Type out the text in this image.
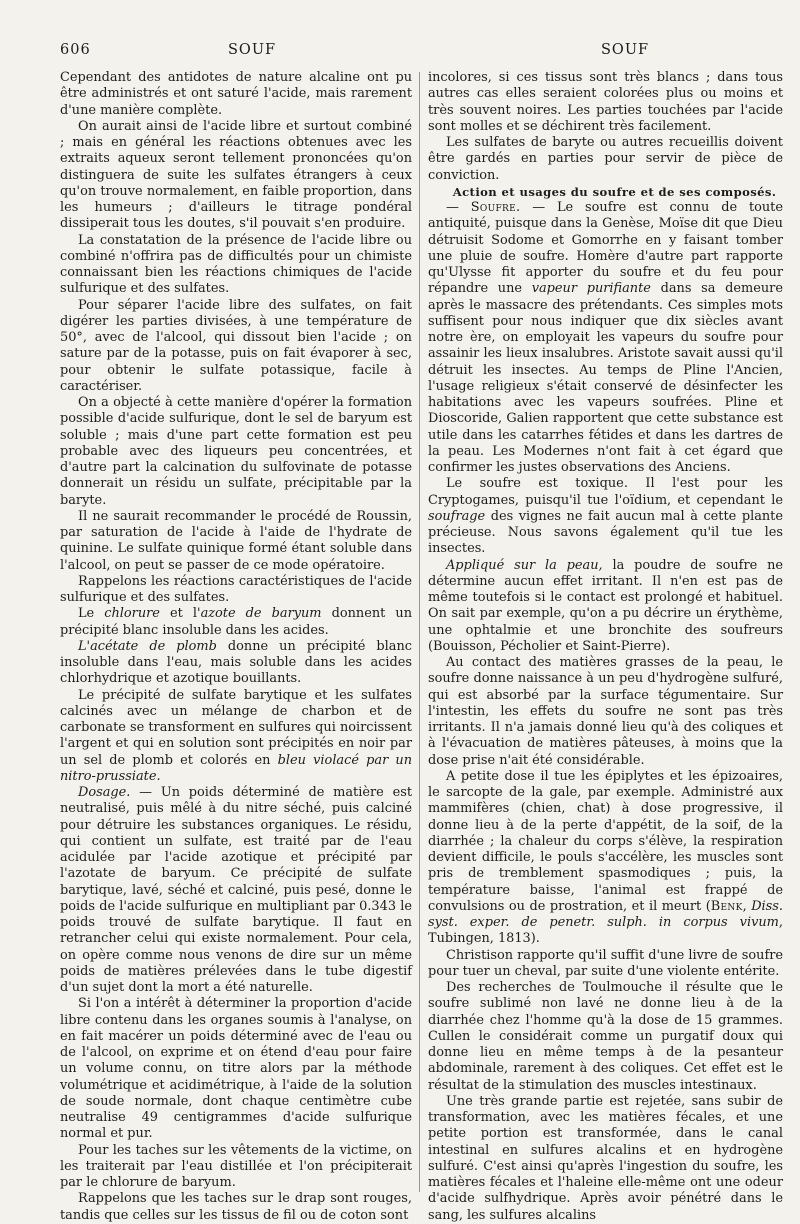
606	SOUF	SOUF

Cependant des antidotes de nature alcaline ont pu être administrés et ont saturé l'acide, mais rarement d'une manière complète.

On aurait ainsi de l'acide libre et surtout combiné ; mais en général les réactions obtenues avec les extraits aqueux seront tellement prononcées qu'on distinguera de suite les sulfates étrangers à ceux qu'on trouve normalement, en faible proportion, dans les humeurs ; d'ailleurs le titrage pondéral dissiperait tous les doutes, s'il pouvait s'en produire.

La constatation de la présence de l'acide libre ou combiné n'offrira pas de difficultés pour un chimiste connaissant bien les réactions chimiques de l'acide sulfurique et des sulfates.

Pour séparer l'acide libre des sulfates, on fait digérer les parties divisées, à une température de 50°, avec de l'alcool, qui dissout bien l'acide ; on sature par de la potasse, puis on fait évaporer à sec, pour obtenir le sulfate potassique, facile à caractériser.

On a objecté à cette manière d'opérer la formation possible d'acide sulfurique, dont le sel de baryum est soluble ; mais d'une part cette formation est peu probable avec des liqueurs peu concentrées, et d'autre part la calcination du sulfovinate de potasse donnerait un résidu un sulfate, précipitable par la baryte.

Il ne saurait recommander le procédé de Roussin, par saturation de l'acide à l'aide de l'hydrate de quinine. Le sulfate quinique formé étant soluble dans l'alcool, on peut se passer de ce mode opératoire.

Rappelons les réactions caractéristiques de l'acide sulfurique et des sulfates.

Le chlorure et l'azote de baryum donnent un précipité blanc insoluble dans les acides.

L'acétate de plomb donne un précipité blanc insoluble dans l'eau, mais soluble dans les acides chlorhydrique et azotique bouillants.

Le précipité de sulfate barytique et les sulfates calcinés avec un mélange de charbon et de carbonate se transforment en sulfures qui noircissent l'argent et qui en solution sont précipités en noir par un sel de plomb et colorés en bleu violacé par un nitro-prussiate.

Dosage. — Un poids déterminé de matière est neutralisé, puis mêlé à du nitre séché, puis calciné pour détruire les substances organiques. Le résidu, qui contient un sulfate, est traité par de l'eau acidulée par l'acide azotique et précipité par l'azotate de baryum. Ce précipité de sulfate barytique, lavé, séché et calciné, puis pesé, donne le poids de l'acide sulfurique en multipliant par 0.343 le poids trouvé de sulfate barytique. Il faut en retrancher celui qui existe normalement. Pour cela, on opère comme nous venons de dire sur un même poids de matières prélevées dans le tube digestif d'un sujet dont la mort a été naturelle.

Si l'on a intérêt à déterminer la proportion d'acide libre contenu dans les organes soumis à l'analyse, on en fait macérer un poids déterminé avec de l'eau ou de l'alcool, on exprime et on étend d'eau pour faire un volume connu, on titre alors par la méthode volumétrique et acidimétrique, à l'aide de la solution de soude normale, dont chaque centimètre cube neutralise 49 centigrammes d'acide sulfurique normal et pur.

Pour les taches sur les vêtements de la victime, on les traiterait par l'eau distillée et l'on précipiterait par le chlorure de baryum.

Rappelons que les taches sur le drap sont rouges, tandis que celles sur les tissus de fil ou de coton sont

incolores, si ces tissus sont très blancs ; dans tous autres cas elles seraient colorées plus ou moins et très souvent noires. Les parties touchées par l'acide sont molles et se déchirent très facilement.

Les sulfates de baryte ou autres recueillis doivent être gardés en parties pour servir de pièce de conviction.

Action et usages du soufre et de ses composés.

— Soufre. — Le soufre est connu de toute antiquité, puisque dans la Genèse, Moïse dit que Dieu détruisit Sodome et Gomorrhe en y faisant tomber une pluie de soufre. Homère d'autre part rapporte qu'Ulysse fit apporter du soufre et du feu pour répandre une vapeur purifiante dans sa demeure après le massacre des prétendants. Ces simples mots suffisent pour nous indiquer que dix siècles avant notre ère, on employait les vapeurs du soufre pour assainir les lieux insalubres. Aristote savait aussi qu'il détruit les insectes. Au temps de Pline l'Ancien, l'usage religieux s'était conservé de désinfecter les habitations avec les vapeurs soufrées. Pline et Dioscoride, Galien rapportent que cette substance est utile dans les catarrhes fétides et dans les dartres de la peau. Les Modernes n'ont fait à cet égard que confirmer les justes observations des Anciens.

Le soufre est toxique. Il l'est pour les Cryptogames, puisqu'il tue l'oïdium, et cependant le soufrage des vignes ne fait aucun mal à cette plante précieuse. Nous savons également qu'il tue les insectes.

Appliqué sur la peau, la poudre de soufre ne détermine aucun effet irritant. Il n'en est pas de même toutefois si le contact est prolongé et habituel. On sait par exemple, qu'on a pu décrire un érythème, une ophtalmie et une bronchite des soufreurs (Bouisson, Pécholier et Saint-Pierre).

Au contact des matières grasses de la peau, le soufre donne naissance à un peu d'hydrogène sulfuré, qui est absorbé par la surface tégumentaire. Sur l'intestin, les effets du soufre ne sont pas très irritants. Il n'a jamais donné lieu qu'à des coliques et à l'évacuation de matières pâteuses, à moins que la dose prise n'ait été considérable.

A petite dose il tue les épiplytes et les épizoaires, le sarcopte de la gale, par exemple. Administré aux mammifères (chien, chat) à dose progressive, il donne lieu à de la perte d'appétit, de la soif, de la diarrhée ; la chaleur du corps s'élève, la respiration devient difficile, le pouls s'accélère, les muscles sont pris de tremblement spasmodiques ; puis, la température baisse, l'animal est frappé de convulsions ou de prostration, et il meurt (Benk, Diss. syst. exper. de penetr. sulph. in corpus vivum, Tubingen, 1813).

Christison rapporte qu'il suffit d'une livre de soufre pour tuer un cheval, par suite d'une violente entérite.

Des recherches de Toulmouche il résulte que le soufre sublimé non lavé ne donne lieu à de la diarrhée chez l'homme qu'à la dose de 15 grammes. Cullen le considérait comme un purgatif doux qui donne lieu en même temps à de la pesanteur abdominale, rarement à des coliques. Cet effet est le résultat de la stimulation des muscles intestinaux.

Une très grande partie est rejetée, sans subir de transformation, avec les matières fécales, et une petite portion est transformée, dans le canal intestinal en sulfures alcalins et en hydrogène sulfuré. C'est ainsi qu'après l'ingestion du soufre, les matières fécales et l'haleine elle-même ont une odeur d'acide sulfhydrique. Après avoir pénétré dans le sang, les sulfures alcalins
